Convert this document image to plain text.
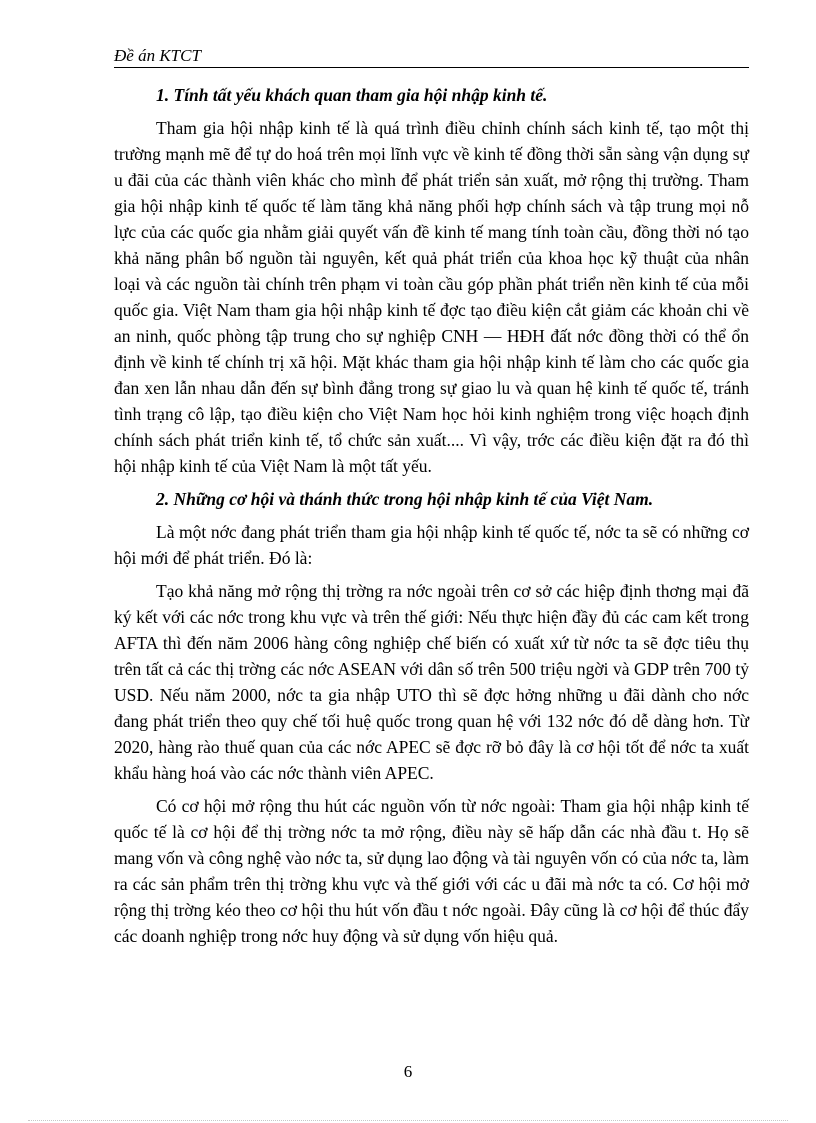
Đề án KTCT
1. Tính tất yếu khách quan tham gia hội nhập kinh tế.

Tham gia hội nhập kinh tế là quá trình điều chỉnh chính sách kinh tế, tạo một thị trường mạnh mẽ để tự do hoá trên mọi lĩnh vực về kinh tế đồng thời sẵn sàng vận dụng sự u đãi của các thành viên khác cho mình để phát triển sản xuất, mở rộng thị trường. Tham gia hội nhập kinh tế quốc tế làm tăng khả năng phối hợp chính sách và tập trung mọi nỗ lực của các quốc gia nhằm giải quyết vấn đề kinh tế mang tính toàn cầu, đồng thời nó tạo khả năng phân bố nguồn tài nguyên, kết quả phát triển của khoa học kỹ thuật của nhân loại và các nguồn tài chính trên phạm vi toàn cầu góp phần phát triển nền kinh tế của mỗi quốc gia. Việt Nam tham gia hội nhập kinh tế đợc tạo điều kiện cắt giảm các khoản chi về an ninh, quốc phòng tập trung cho sự nghiệp CNH — HĐH đất nớc đồng thời có thể ổn định về kinh tế chính trị xã hội. Mặt khác tham gia hội nhập kinh tế làm cho các quốc gia đan xen lẫn nhau dẫn đến sự bình đẳng trong sự giao lu và quan hệ kinh tế quốc tế, tránh tình trạng cô lập, tạo điều kiện cho Việt Nam học hỏi kinh nghiệm trong việc hoạch định chính sách phát triển kinh tế, tổ chức sản xuất.... Vì vậy, trớc các điều kiện đặt ra đó thì hội nhập kinh tế của Việt Nam là một tất yếu.

2. Những cơ hội và thánh thức trong hội nhập kinh tế của Việt Nam.

Là một nớc đang phát triển tham gia hội nhập kinh tế quốc tế, nớc ta sẽ có những cơ hội mới để phát triển. Đó là:

Tạo khả năng mở rộng thị trờng ra nớc ngoài trên cơ sở các hiệp định thơng mại đã ký kết với các nớc trong khu vực và trên thế giới: Nếu thực hiện đầy đủ các cam kết trong AFTA thì đến năm 2006 hàng công nghiệp chế biến có xuất xứ từ nớc ta sẽ đợc tiêu thụ trên tất cả các thị trờng các nớc ASEAN với dân số trên 500 triệu ngời và GDP trên 700 tỷ USD. Nếu năm 2000, nớc ta gia nhập UTO thì sẽ đợc hởng những u đãi dành cho nớc đang phát triển theo quy chế tối huệ quốc trong quan hệ với 132 nớc đó dễ dàng hơn. Từ 2020, hàng rào thuế quan của các nớc APEC sẽ đợc rỡ bỏ đây là cơ hội tốt để nớc ta xuất khẩu hàng hoá vào các nớc thành viên APEC.

Có cơ hội mở rộng thu hút các nguồn vốn từ nớc ngoài: Tham gia hội nhập kinh tế quốc tế là cơ hội để thị trờng nớc ta mở rộng, điều này sẽ hấp dẫn các nhà đầu t. Họ sẽ mang vốn và công nghệ vào nớc ta, sử dụng lao động và tài nguyên vốn có của nớc ta, làm ra các sản phẩm trên thị trờng khu vực và thế giới với các u đãi mà nớc ta có. Cơ hội mở rộng thị trờng kéo theo cơ hội thu hút vốn đầu t nớc ngoài. Đây cũng là cơ hội để thúc đẩy các doanh nghiệp trong nớc huy động và sử dụng vốn hiệu quả.

6
